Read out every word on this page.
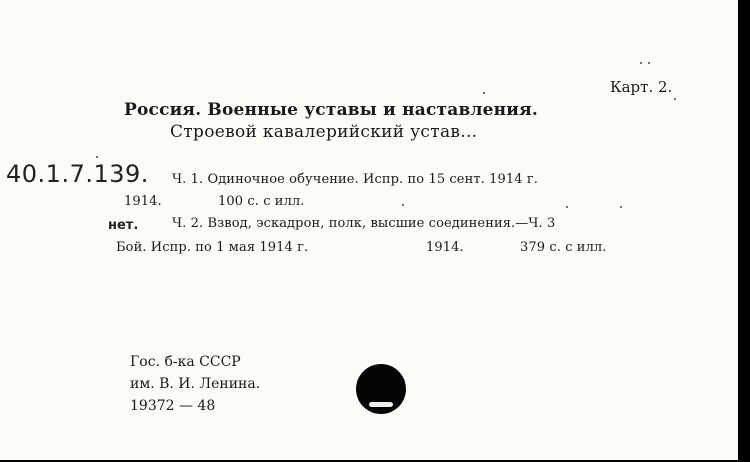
Карт. 2.
Россия. Военные уставы и наставления.
Строевой кавалерийский устав...
40.1.7.139. Ч. 1. Одиночное обучение. Испр. по 15 сент. 1914 г.
1914.	100 с. с илл.
нет.	Ч. 2. Взвод, эскадрон, полк, высшие соединения.—Ч. 3
Бой. Испр. по 1 мая 1914 г.	1914.	379 с. с илл.
Гос. б-ка СССР
им. В. И. Ленина.
19372 — 48
